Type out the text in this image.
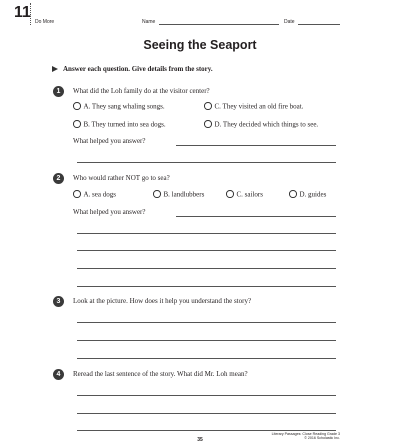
11
Do More	Name	Date
Seeing the Seaport
Answer each question. Give details from the story.
1	What did the Loh family do at the visitor center?
A. They sang whaling songs.	C. They visited an old fire boat.
B. They turned into sea dogs.	D. They decided which things to see.
What helped you answer?
2	Who would rather NOT go to sea?
A. sea dogs	B. landlubbers	C. sailors	D. guides
What helped you answer?
3	Look at the picture. How does it help you understand the story?
4	Reread the last sentence of the story. What did Mr. Loh mean?
35
Literary Passages: Close Reading Grade 3
© 2016 Scholastic Inc.
